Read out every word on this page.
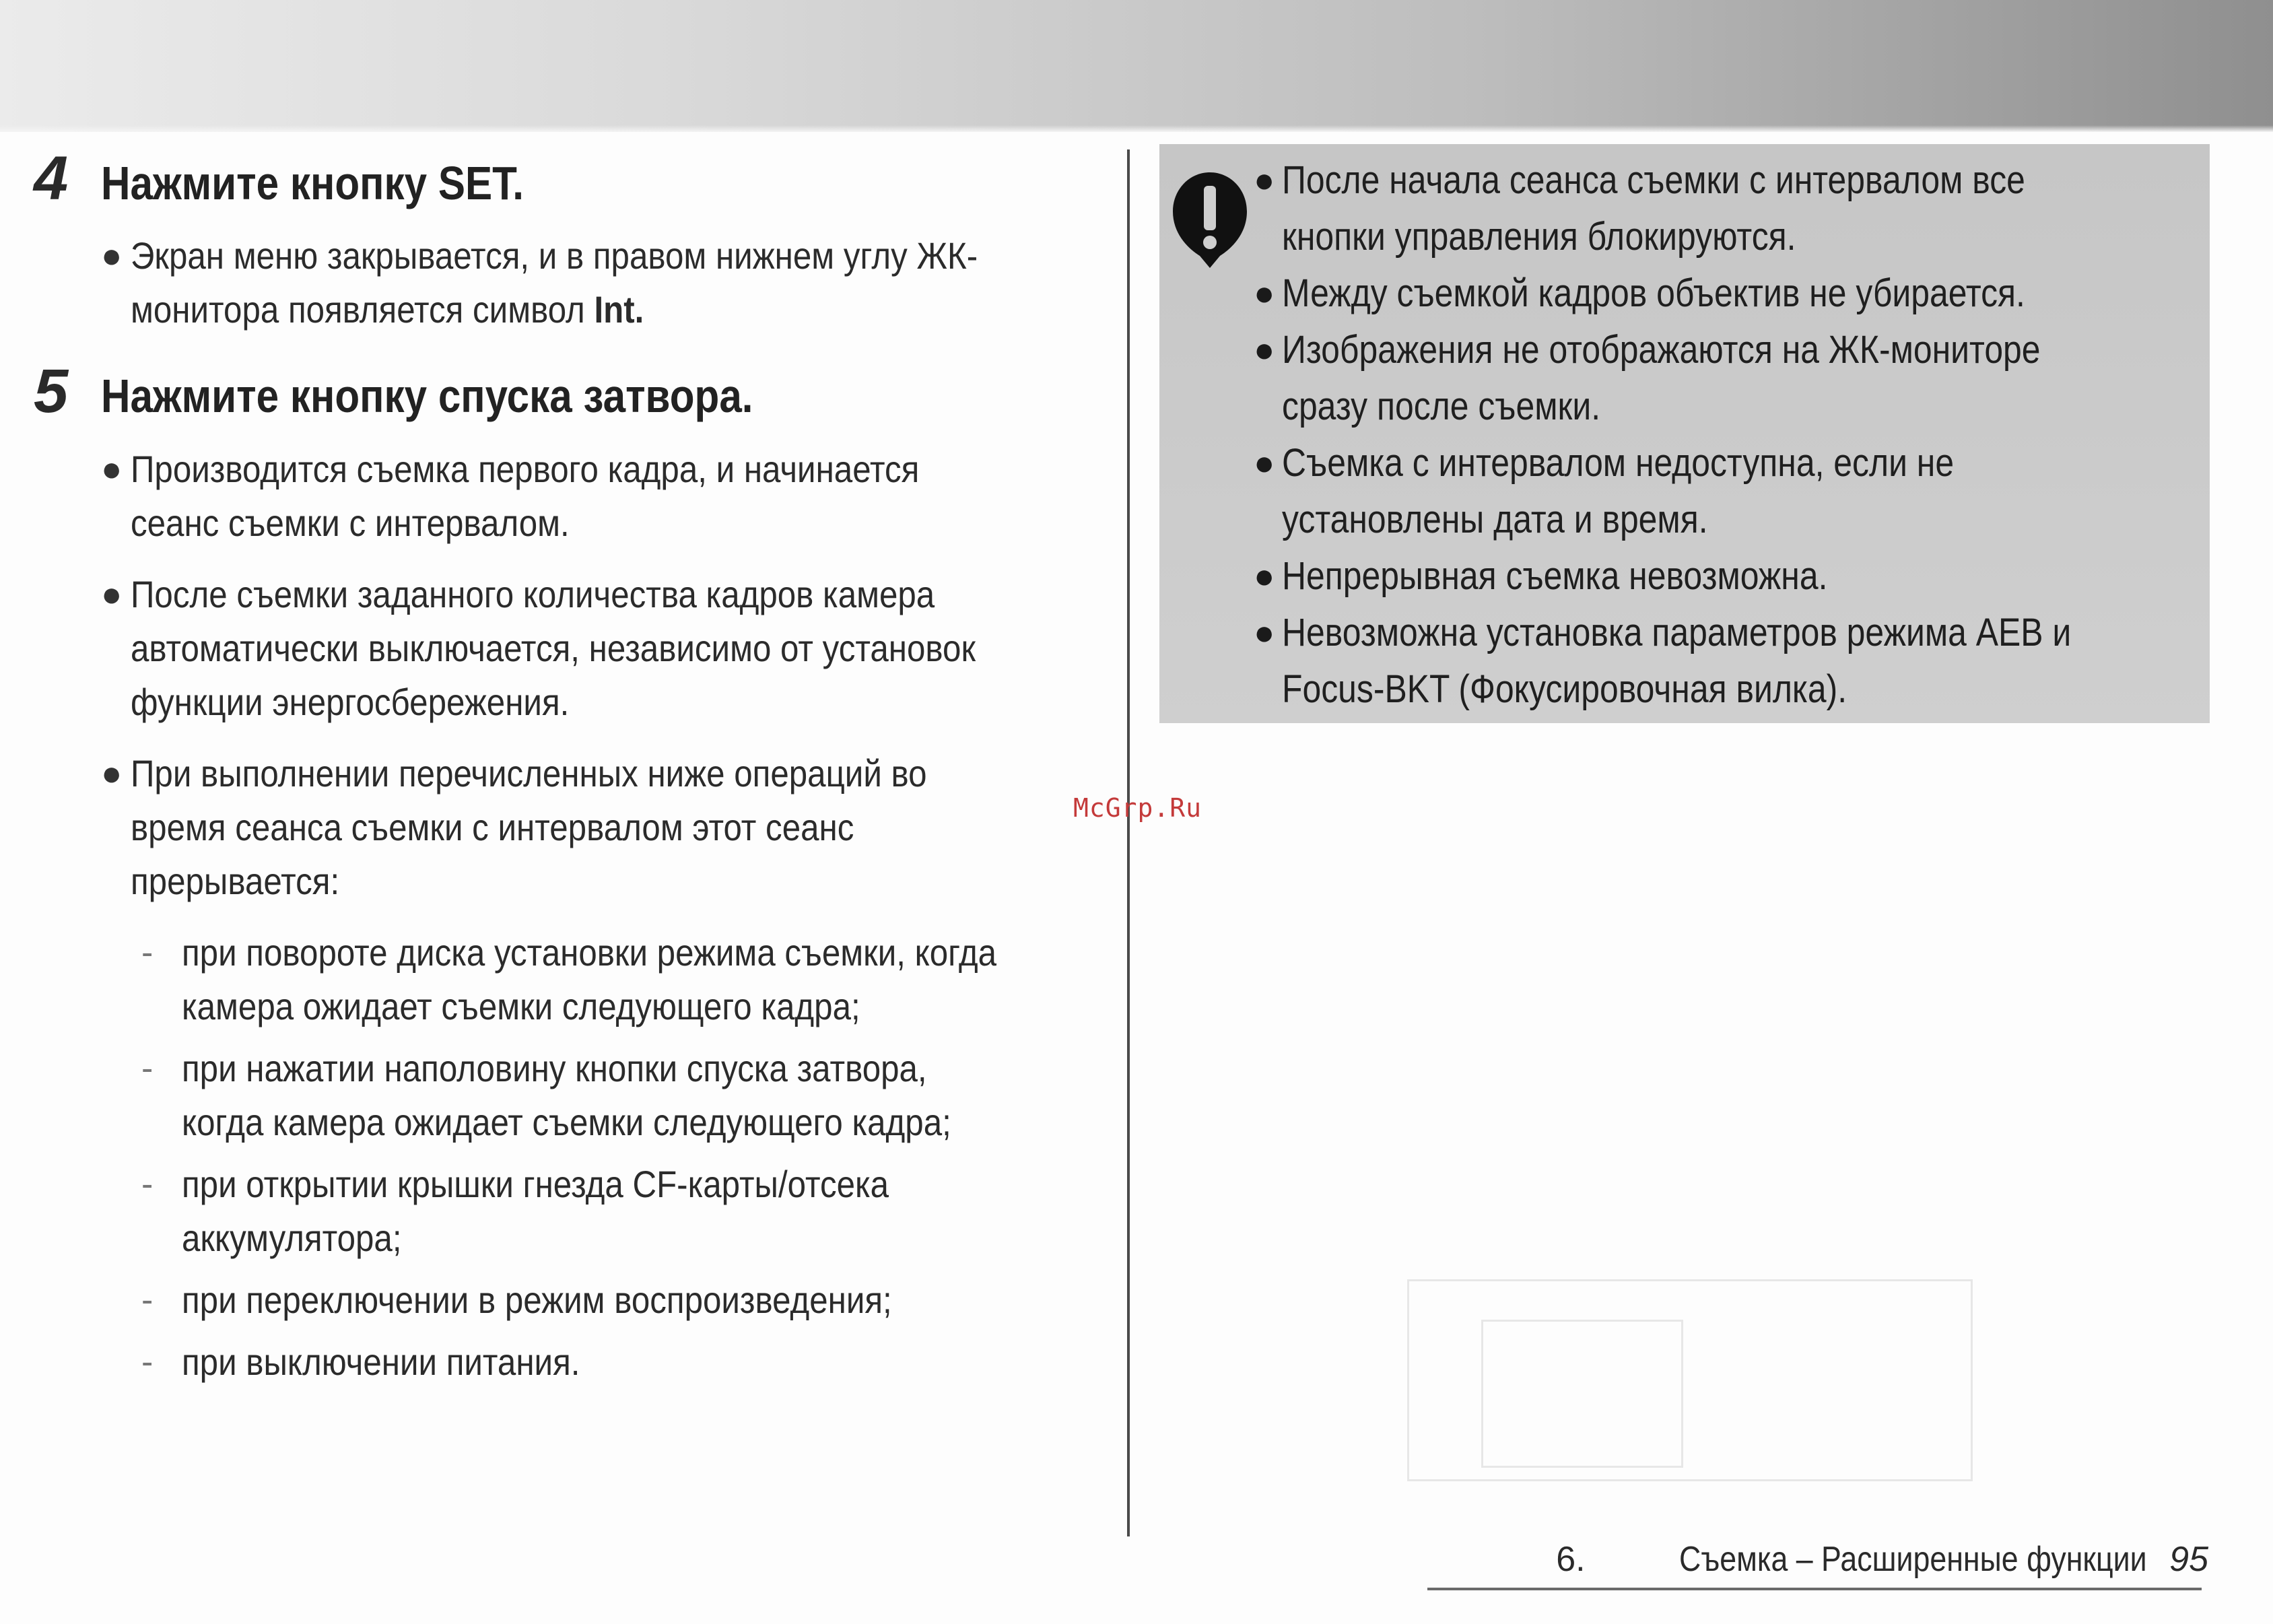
4 Нажмите кнопку SET.
● Экран меню закрывается, и в правом нижнем углу ЖК-монитора появляется символ Int.
5 Нажмите кнопку спуска затвора.
● Производится съемка первого кадра, и начинается сеанс съемки с интервалом.
● После съемки заданного количества кадров камера автоматически выключается, независимо от установок функции энергосбережения.
● При выполнении перечисленных ниже операций во время сеанса съемки с интервалом этот сеанс прерывается:
- при повороте диска установки режима съемки, когда камера ожидает съемки следующего кадра;
- при нажатии наполовину кнопки спуска затвора, когда камера ожидает съемки следующего кадра;
- при открытии крышки гнезда CF-карты/отсека аккумулятора;
- при переключении в режим воспроизведения;
- при выключении питания.
● После начала сеанса съемки с интервалом все кнопки управления блокируются.
● Между съемкой кадров объектив не убирается.
● Изображения не отображаются на ЖК-мониторе сразу после съемки.
● Съемка с интервалом недоступна, если не установлены дата и время.
● Непрерывная съемка невозможна.
● Невозможна установка параметров режима AEB и Focus-BKT (Фокусировочная вилка).
McGrp.Ru
6.	Съемка – Расширенные функции 95
